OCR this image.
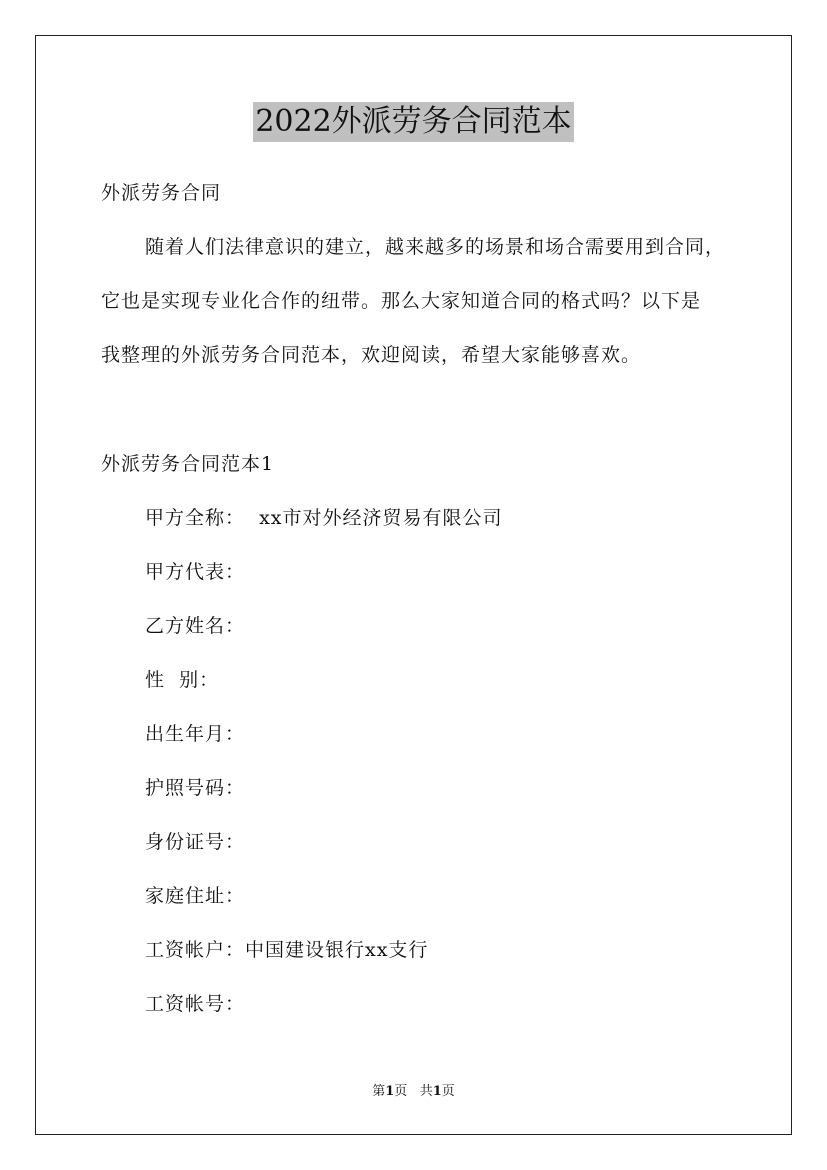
2022外派劳务合同范本
外派劳务合同
随着人们法律意识的建立，越来越多的场景和场合需要用到合同，
它也是实现专业化合作的纽带。那么大家知道合同的格式吗？以下是
我整理的外派劳务合同范本，欢迎阅读，希望大家能够喜欢。
外派劳务合同范本1
甲方全称：  xx市对外经济贸易有限公司
甲方代表：
乙方姓名：
性  别：
出生年月：
护照号码：
身份证号：
家庭住址：
工资帐户：中国建设银行xx支行
工资帐号：
第1页 共1页
